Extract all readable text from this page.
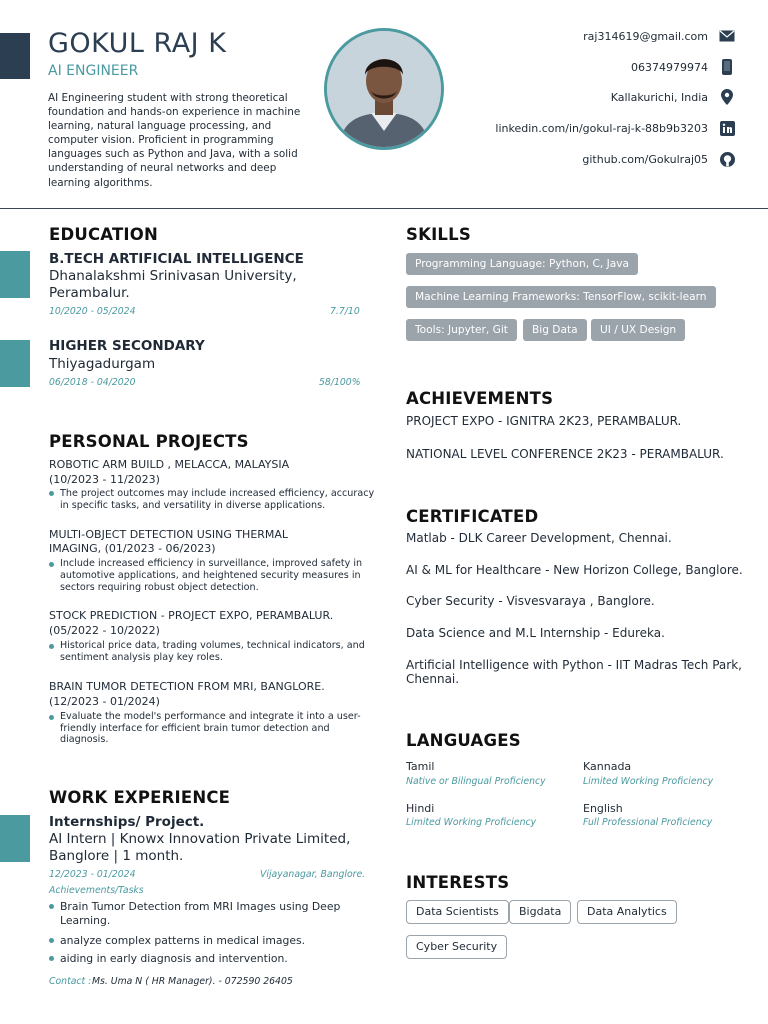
GOKUL RAJ K
AI ENGINEER
AI Engineering student with strong theoretical foundation and hands-on experience in machine learning, natural language processing, and computer vision. Proficient in programming languages such as Python and Java, with a solid understanding of neural networks and deep learning algorithms.
raj314619@gmail.com
06374979974
Kallakurichi, India
linkedin.com/in/gokul-raj-k-88b9b3203
github.com/Gokulraj05
EDUCATION
B.TECH ARTIFICIAL INTELLIGENCE
Dhanalakshmi Srinivasan University,
Perambalur.
10/2020 - 05/2024	7.7/10
HIGHER SECONDARY
Thiyagadurgam
06/2018 - 04/2020	58/100%
PERSONAL PROJECTS
ROBOTIC ARM BUILD , MELACCA, MALAYSIA
(10/2023 - 11/2023)
The project outcomes may include increased efficiency, accuracy
in specific tasks, and versatility in diverse applications.
MULTI-OBJECT DETECTION USING THERMAL
IMAGING, (01/2023 - 06/2023)
Include increased efficiency in surveillance, improved safety in
automotive applications, and heightened security measures in
sectors requiring robust object detection.
STOCK PREDICTION - PROJECT EXPO, PERAMBALUR.
(05/2022 - 10/2022)
Historical price data, trading volumes, technical indicators, and
sentiment analysis play key roles.
BRAIN TUMOR DETECTION FROM MRI, BANGLORE.
(12/2023 - 01/2024)
Evaluate the model's performance and integrate it into a user-
friendly interface for efficient brain tumor detection and
diagnosis.
WORK EXPERIENCE
Internships/ Project.
AI Intern | Knowx Innovation Private Limited,
Banglore | 1 month.
12/2023 - 01/2024	Vijayanagar, Banglore.
Achievements/Tasks
Brain Tumor Detection from MRI Images using Deep
Learning.
analyze complex patterns in medical images.
aiding in early diagnosis and intervention.
Contact : Ms. Uma N ( HR Manager). - 072590 26405
SKILLS
Programming Language: Python, C, Java
Machine Learning Frameworks: TensorFlow, scikit-learn
Tools: Jupyter, Git	Big Data	UI / UX Design
ACHIEVEMENTS
PROJECT EXPO - IGNITRA 2K23, PERAMBALUR.
NATIONAL LEVEL CONFERENCE 2K23 - PERAMBALUR.
CERTIFICATED
Matlab - DLK Career Development, Chennai.
AI & ML for Healthcare - New Horizon College, Banglore.
Cyber Security - Visvesvaraya , Banglore.
Data Science and M.L Internship - Edureka.
Artificial Intelligence with Python - IIT Madras Tech Park,
Chennai.
LANGUAGES
Tamil
Native or Bilingual Proficiency
Kannada
Limited Working Proficiency
Hindi
Limited Working Proficiency
English
Full Professional Proficiency
INTERESTS
Data Scientists	Bigdata	Data Analytics
Cyber Security
